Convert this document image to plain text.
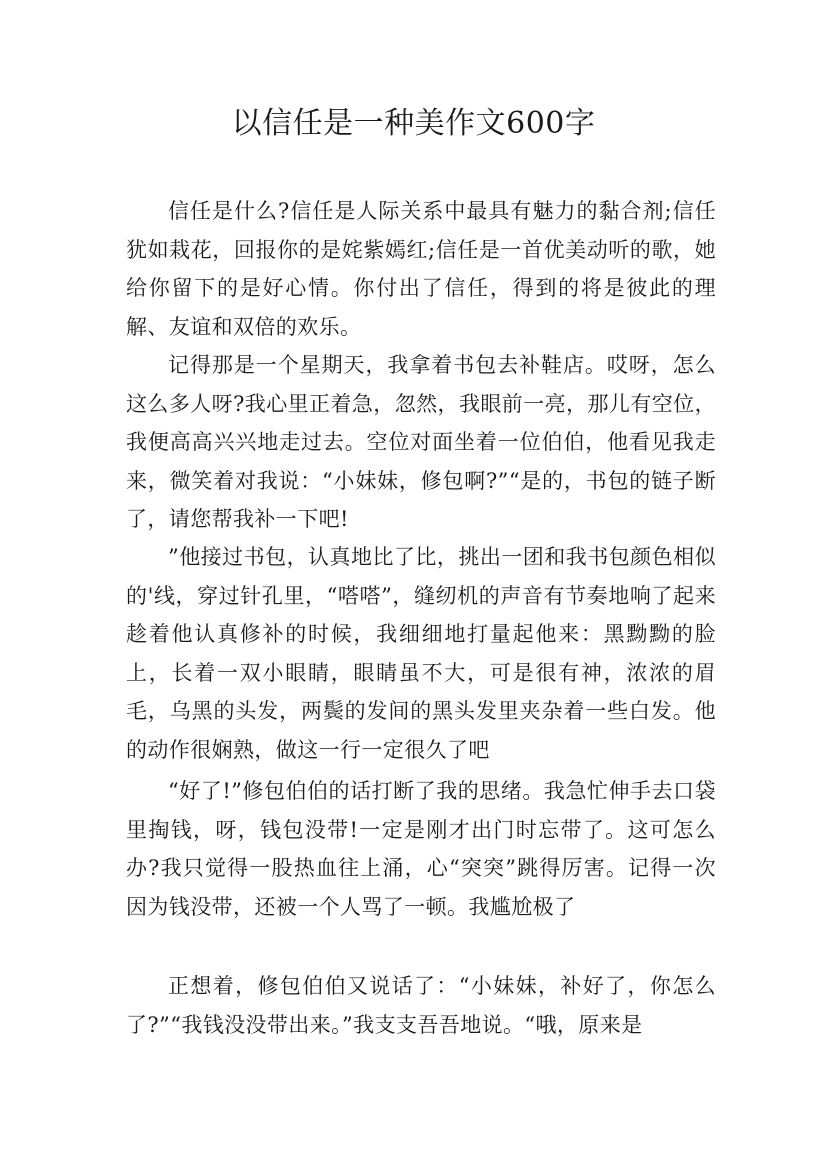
以信任是一种美作文600字

信任是什么?信任是人际关系中最具有魅力的黏合剂;信任犹如栽花，回报你的是姹紫嫣红;信任是一首优美动听的歌，她给你留下的是好心情。你付出了信任，得到的将是彼此的理解、友谊和双倍的欢乐。

记得那是一个星期天，我拿着书包去补鞋店。哎呀，怎么这么多人呀?我心里正着急，忽然，我眼前一亮，那儿有空位，我便高高兴兴地走过去。空位对面坐着一位伯伯，他看见我走来，微笑着对我说：“小妹妹，修包啊?”“是的，书包的链子断了，请您帮我补一下吧!

”他接过书包，认真地比了比，挑出一团和我书包颜色相似的'线，穿过针孔里，“嗒嗒”，缝纫机的声音有节奏地响了起来趁着他认真修补的时候，我细细地打量起他来：黑黝黝的脸上，长着一双小眼睛，眼睛虽不大，可是很有神，浓浓的眉毛，乌黑的头发，两鬓的发间的黑头发里夹杂着一些白发。他的动作很娴熟，做这一行一定很久了吧

“好了!”修包伯伯的话打断了我的思绪。我急忙伸手去口袋里掏钱，呀，钱包没带!一定是刚才出门时忘带了。这可怎么办?我只觉得一股热血往上涌，心“突突”跳得厉害。记得一次因为钱没带，还被一个人骂了一顿。我尴尬极了

正想着，修包伯伯又说话了：“小妹妹，补好了，你怎么了?”“我钱没没带出来。”我支支吾吾地说。“哦，原来是
